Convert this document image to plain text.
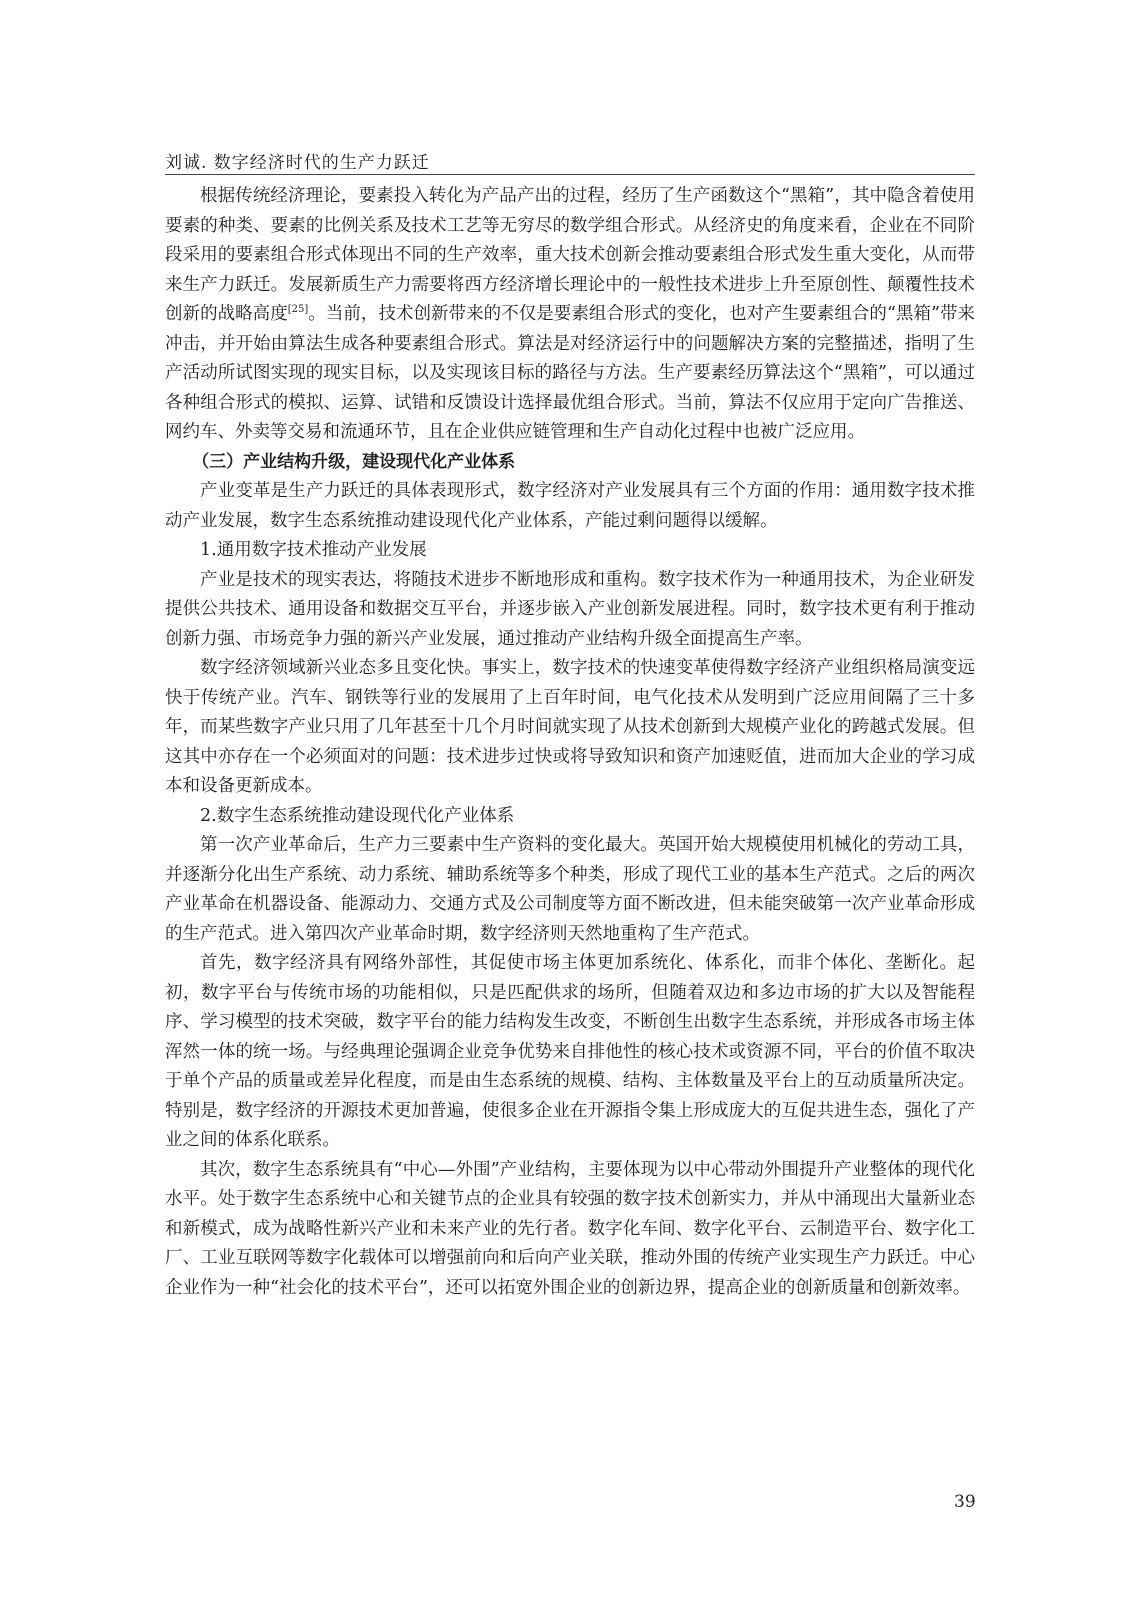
刘诚. 数字经济时代的生产力跃迁

根据传统经济理论，要素投入转化为产品产出的过程，经历了生产函数这个“黑箱”，其中隐含着使用要素的种类、要素的比例关系及技术工艺等无穷尽的数学组合形式。从经济史的角度来看，企业在不同阶段采用的要素组合形式体现出不同的生产效率，重大技术创新会推动要素组合形式发生重大变化，从而带来生产力跃迁。发展新质生产力需要将西方经济增长理论中的一般性技术进步上升至原创性、颠覆性技术创新的战略高度[25]。当前，技术创新带来的不仅是要素组合形式的变化，也对产生要素组合的“黑箱”带来冲击，并开始由算法生成各种要素组合形式。算法是对经济运行中的问题解决方案的完整描述，指明了生产活动所试图实现的现实目标，以及实现该目标的路径与方法。生产要素经历算法这个“黑箱”，可以通过各种组合形式的模拟、运算、试错和反馈设计选择最优组合形式。当前，算法不仅应用于定向广告推送、网约车、外卖等交易和流通环节，且在企业供应链管理和生产自动化过程中也被广泛应用。

（三）产业结构升级，建设现代化产业体系

产业变革是生产力跃迁的具体表现形式，数字经济对产业发展具有三个方面的作用：通用数字技术推动产业发展，数字生态系统推动建设现代化产业体系，产能过剩问题得以缓解。

1.通用数字技术推动产业发展

产业是技术的现实表达，将随技术进步不断地形成和重构。数字技术作为一种通用技术，为企业研发提供公共技术、通用设备和数据交互平台，并逐步嵌入产业创新发展进程。同时，数字技术更有利于推动创新力强、市场竞争力强的新兴产业发展，通过推动产业结构升级全面提高生产率。

数字经济领域新兴业态多且变化快。事实上，数字技术的快速变革使得数字经济产业组织格局演变远快于传统产业。汽车、钢铁等行业的发展用了上百年时间，电气化技术从发明到广泛应用间隔了三十多年，而某些数字产业只用了几年甚至十几个月时间就实现了从技术创新到大规模产业化的跨越式发展。但这其中亦存在一个必须面对的问题：技术进步过快或将导致知识和资产加速贬值，进而加大企业的学习成本和设备更新成本。

2.数字生态系统推动建设现代化产业体系

第一次产业革命后，生产力三要素中生产资料的变化最大。英国开始大规模使用机械化的劳动工具，并逐渐分化出生产系统、动力系统、辅助系统等多个种类，形成了现代工业的基本生产范式。之后的两次产业革命在机器设备、能源动力、交通方式及公司制度等方面不断改进，但未能突破第一次产业革命形成的生产范式。进入第四次产业革命时期，数字经济则天然地重构了生产范式。

首先，数字经济具有网络外部性，其促使市场主体更加系统化、体系化，而非个体化、垄断化。起初，数字平台与传统市场的功能相似，只是匹配供求的场所，但随着双边和多边市场的扩大以及智能程序、学习模型的技术突破，数字平台的能力结构发生改变，不断创生出数字生态系统，并形成各市场主体浑然一体的统一场。与经典理论强调企业竞争优势来自排他性的核心技术或资源不同，平台的价值不取决于单个产品的质量或差异化程度，而是由生态系统的规模、结构、主体数量及平台上的互动质量所决定。特别是，数字经济的开源技术更加普遍，使很多企业在开源指令集上形成庞大的互促共进生态，强化了产业之间的体系化联系。

其次，数字生态系统具有“中心—外围”产业结构，主要体现为以中心带动外围提升产业整体的现代化水平。处于数字生态系统中心和关键节点的企业具有较强的数字技术创新实力，并从中涌现出大量新业态和新模式，成为战略性新兴产业和未来产业的先行者。数字化车间、数字化平台、云制造平台、数字化工厂、工业互联网等数字化载体可以增强前向和后向产业关联，推动外围的传统产业实现生产力跃迁。中心企业作为一种“社会化的技术平台”，还可以拓宽外围企业的创新边界，提高企业的创新质量和创新效率。

39
